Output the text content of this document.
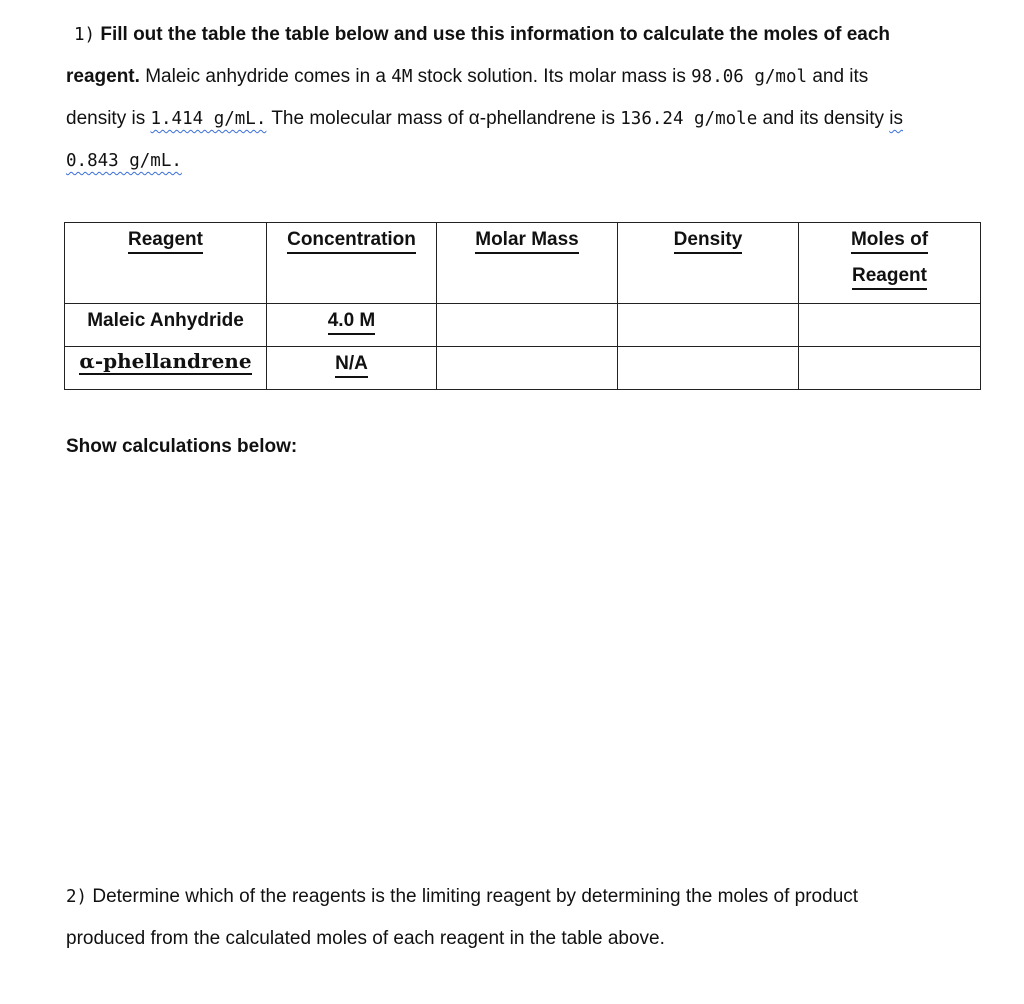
1) Fill out the table the table below and use this information to calculate the moles of each
reagent. Maleic anhydride comes in a 4M stock solution. Its molar mass is 98.06 g/mol and its
density is 1.414 g/mL. The molecular mass of α-phellandrene is 136.24 g/mole and its density is
0.843 g/mL.
Reagent	Concentration	Molar Mass	Density	Moles of
Reagent
Maleic Anhydride	4.0 M			
α-phellandrene	N/A			
Show calculations below:
2) Determine which of the reagents is the limiting reagent by determining the moles of product
produced from the calculated moles of each reagent in the table above.
